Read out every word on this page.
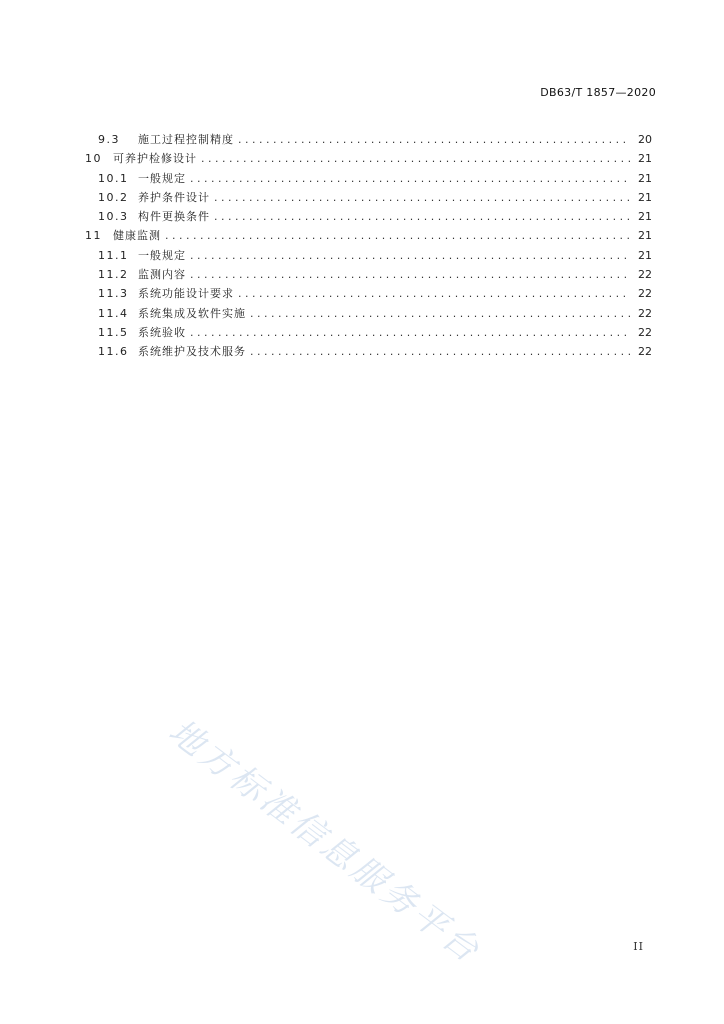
DB63/T 1857—2020
9.3	施工过程控制精度 . . .	20
10	可养护检修设计 . . .	21
10.1 一般规定 . . .	21
10.2 养护条件设计 . . .	21
10.3 构件更换条件 . . .	21
11	健康监测 . . .	21
11.1 一般规定 . . .	21
11.2 监测内容 . . .	22
11.3 系统功能设计要求 . . .	22
11.4 系统集成及软件实施 . . .	22
11.5 系统验收 . . .	22
11.6 系统维护及技术服务 . . .	22
地方标准信息服务平台	II
